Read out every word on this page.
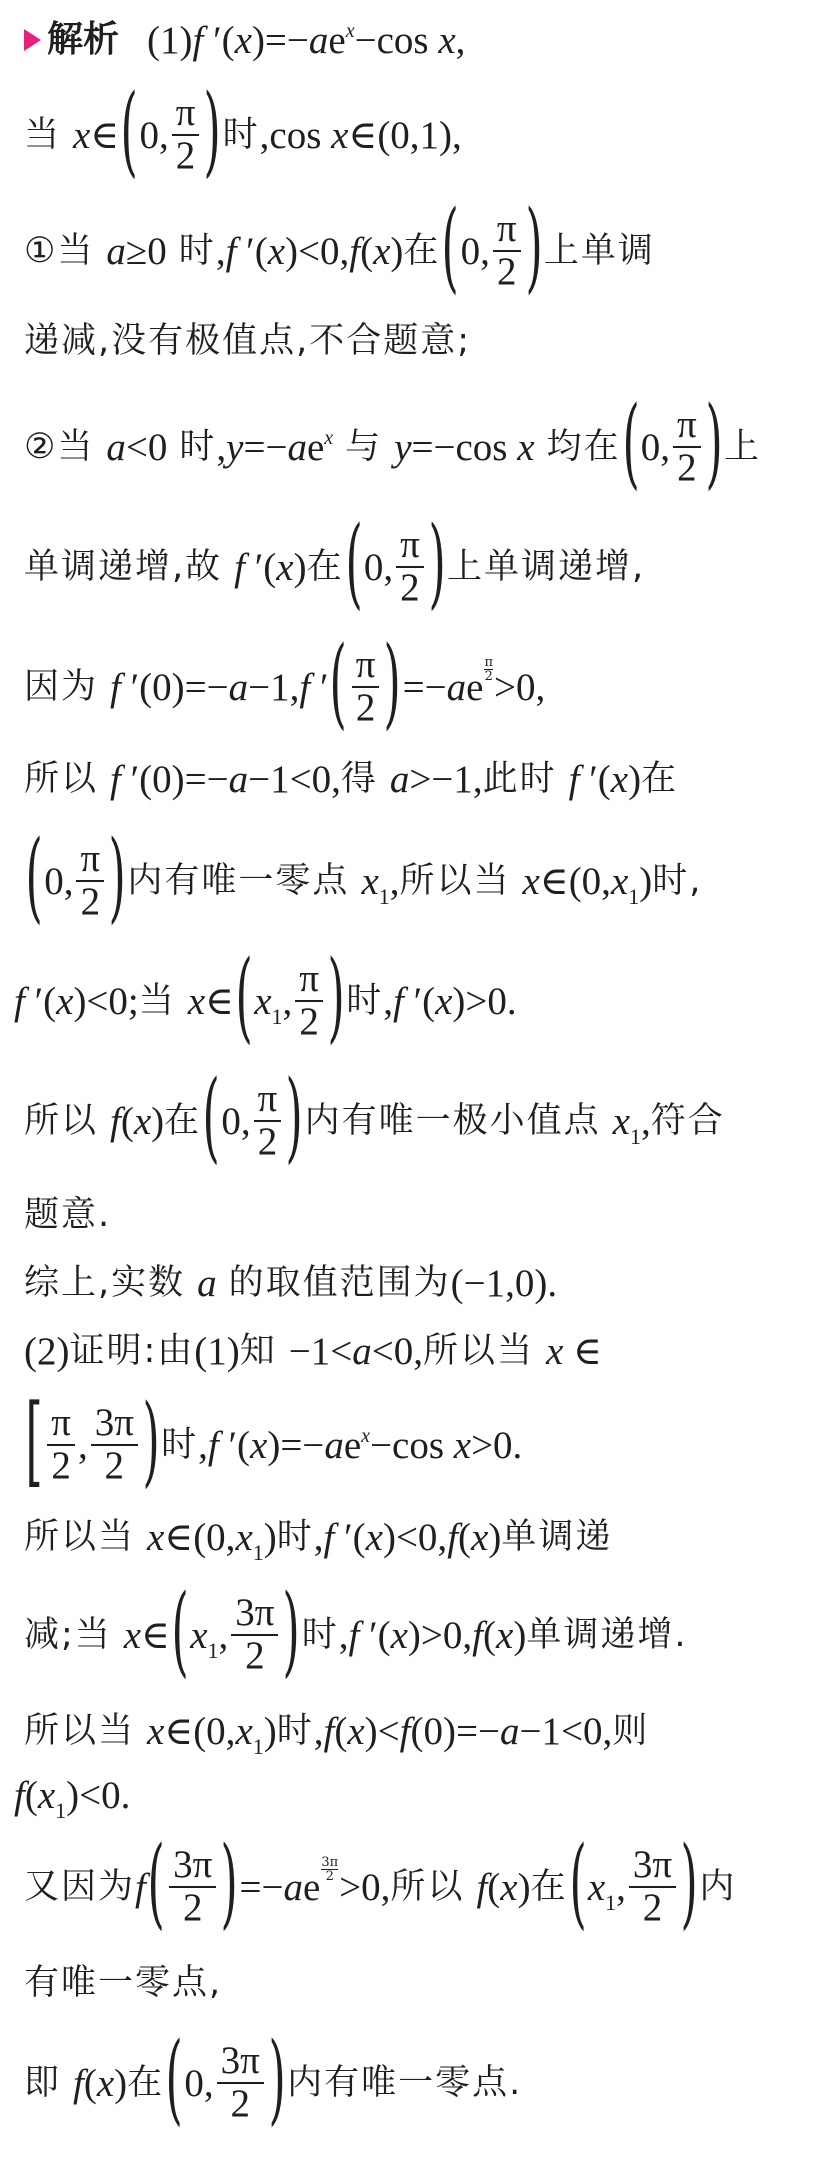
解析 (1)f $'(x)=-ae^x-\cos$ x,
当 x ∈ ( 0, $\frac{\pi}{2}$ ) 时 ,cos x∈(0,1),
①当 a≥0 时 ,f ′(x)<0,f(x) 在 ( 0, $\frac{\pi}{2}$ ) 上单调
递减,没有极值点,不合题意;
②当 a<0 时 $,y=-ae^x$ 与 y=−cos x 均在 ( 0, $\frac{\pi}{2}$ ) 上
单调递增,故 f ′(x) 在 ( 0, $\frac{\pi}{2}$ ) 上单调递增,
因为 f ′(0)=−a−1,f ′ ( $\frac{\pi}{2}$ ) =−ae
π
2 >0,
所以 f ′(0)=−a−1<0, 得 a>−1, 此时 f ′(x) 在
( 0, $\frac{\pi}{2}$ ) 内有唯一零点 $x_1$, 所以当 $x\in(0,x_1)$ 时,
f ′(x)<0; 当 x∈ ( $x_1$, $\frac{\pi}{2}$ ) 时 ,f ′(x)>0.
所以 f(x) 在 ( 0, $\frac{\pi}{2}$ ) 内有唯一极小值点 $x_1$, 符合
题意.
综上,实数 a 的取值范围为 (−1,0).
(2) 证明:由 (1) 知 −1<a<0, 所以当 x ∈
[ $\frac{\pi}{2}$ , $\frac{3\pi}{2}$ ) 时 ,f $'(x)=-ae^x-\cos$ x>0.
所以当 $x\in(0,x_1)$ 时 ,f ′(x)<0,f(x) 单调递
减;当 x∈ ( $x_1$, $\frac{3\pi}{2}$ ) 时 ,f ′(x)>0,f(x) 单调递增.
所以当 $x\in(0,x_1)$ 时 ,f(x)<f(0)=−a−1<0, 则
$f(x_1)<0$.
又因为 f ( $\frac{3\pi}{2}$ ) =−ae
3π
2 >0, 所以 f(x) 在 ( $x_1$, $\frac{3\pi}{2}$ ) 内
有唯一零点,
即 f(x) 在 ( 0, $\frac{3\pi}{2}$ ) 内有唯一零点.
